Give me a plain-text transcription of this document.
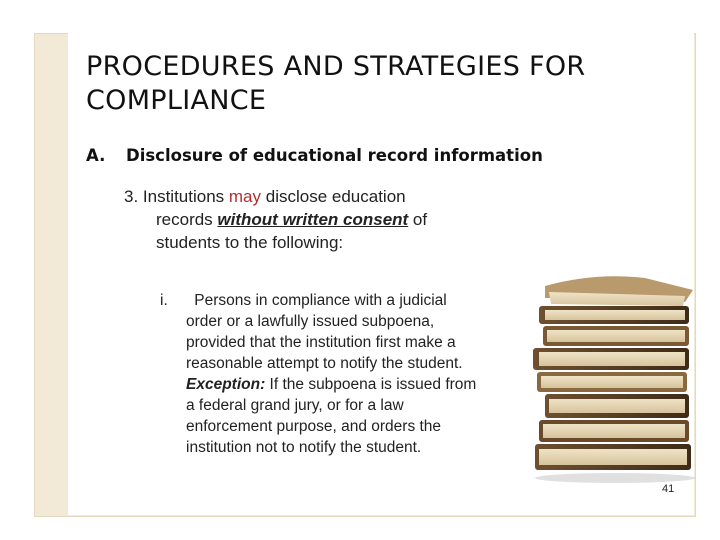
PROCEDURES AND STRATEGIES FOR
COMPLIANCE
A. Disclosure of educational record information
3. Institutions may disclose education
records without written consent of
students to the following:
i. Persons in compliance with a judicial
order or a lawfully issued subpoena,
provided that the institution first make a
reasonable attempt to notify the student.
Exception: If the subpoena is issued from
a federal grand jury, or for a law
enforcement purpose, and orders the
institution not to notify the student.
41
